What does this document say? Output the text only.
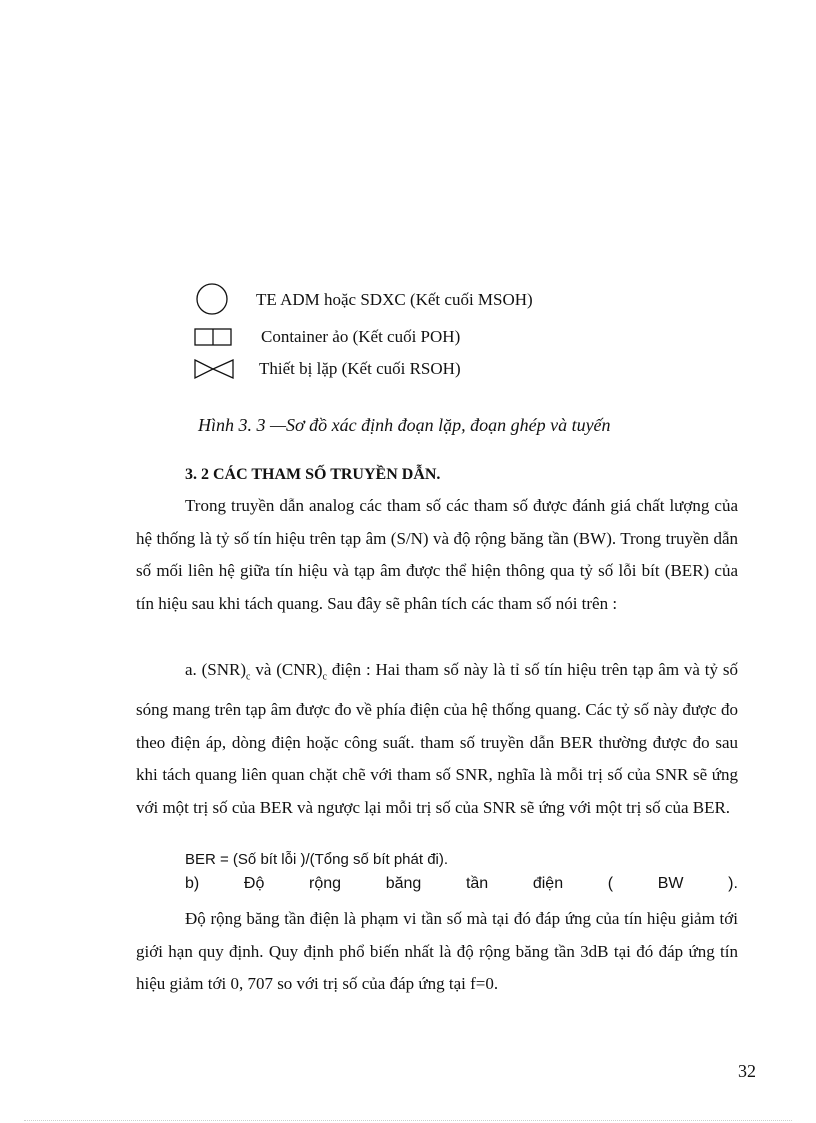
TE ADM hoặc SDXC (Kết cuối MSOH)
Container ảo (Kết cuối POH)
Thiết bị lặp (Kết cuối RSOH)
Hình 3. 3 —Sơ đồ xác định đoạn lặp, đoạn ghép và tuyến
3. 2 CÁC THAM SỐ TRUYỀN DẪN.
Trong truyền dẫn analog các tham số các tham số được đánh giá chất lượng của hệ thống là tỷ số tín hiệu trên tạp âm (S/N) và độ rộng băng tần (BW). Trong truyền dẫn số mối liên hệ giữa tín hiệu và tạp âm được thể hiện thông qua tỷ số lỗi bít (BER) của tín hiệu sau khi tách quang. Sau đây sẽ phân tích các tham số nói trên :
a. $(SNR)_c$ và $(CNR)_c$ điện : Hai tham số này là tỉ số tín hiệu trên tạp âm và tỷ số sóng mang trên tạp âm được đo về phía điện của hệ thống quang. Các tỷ số này được đo theo điện áp, dòng điện hoặc công suất. tham số truyền dẫn BER thường được đo sau khi tách quang liên quan chặt chẽ với tham số SNR, nghĩa là mỗi trị số của SNR sẽ ứng với một trị số của BER và ngược lại mỗi trị số của SNR sẽ ứng với một trị số của BER.
BER = (Số bít lỗi )/(Tổng số bít phát đi).
b)	Độ	rộng	băng	tần	điện	(	BW	).
Độ rộng băng tần điện là phạm vi tần số mà tại đó đáp ứng của tín hiệu giảm tới giới hạn quy định. Quy định phổ biến nhất là độ rộng băng tần 3dB tại đó đáp ứng tín hiệu giảm tới 0, 707 so với trị số của đáp ứng tại f=0.
32
